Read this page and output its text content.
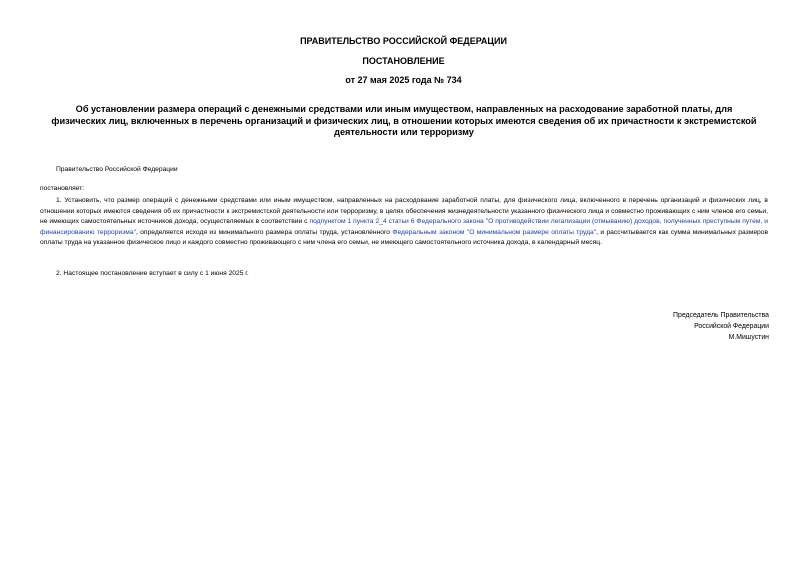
ПРАВИТЕЛЬСТВО РОССИЙСКОЙ ФЕДЕРАЦИИ
ПОСТАНОВЛЕНИЕ
от 27 мая 2025 года № 734
Об установлении размера операций с денежными средствами или иным имуществом, направленных на расходование заработной платы, для физических лиц, включенных в перечень организаций и физических лиц, в отношении которых имеются сведения об их причастности к экстремистской деятельности или терроризму
Правительство Российской Федерации
постановляет:
1. Установить, что размер операций с денежными средствами или иным имуществом, направленных на расходование заработной платы, для физического лица, включенного в перечень организаций и физических лиц, в отношении которых имеются сведения об их причастности к экстремистской деятельности или терроризму, в целях обеспечения жизнедеятельности указанного физического лица и совместно проживающих с ним членов его семьи, не имеющих самостоятельных источников дохода, осуществляемых в соответствии с подпунктом 1 пункта 2_4 статьи 6 Федерального закона "О противодействии легализации (отмыванию) доходов, полученных преступным путем, и финансированию терроризма", определяется исходя из минимального размера оплаты труда, установленного Федеральным законом "О минимальном размере оплаты труда", и рассчитывается как сумма минимальных размеров оплаты труда на указанное физическое лицо и каждого совместно проживающего с ним члена его семьи, не имеющего самостоятельного источника дохода, в календарный месяц.
2. Настоящее постановление вступает в силу с 1 июня 2025 г.
Председатель Правительства
Российской Федерации
М.Мишустин
